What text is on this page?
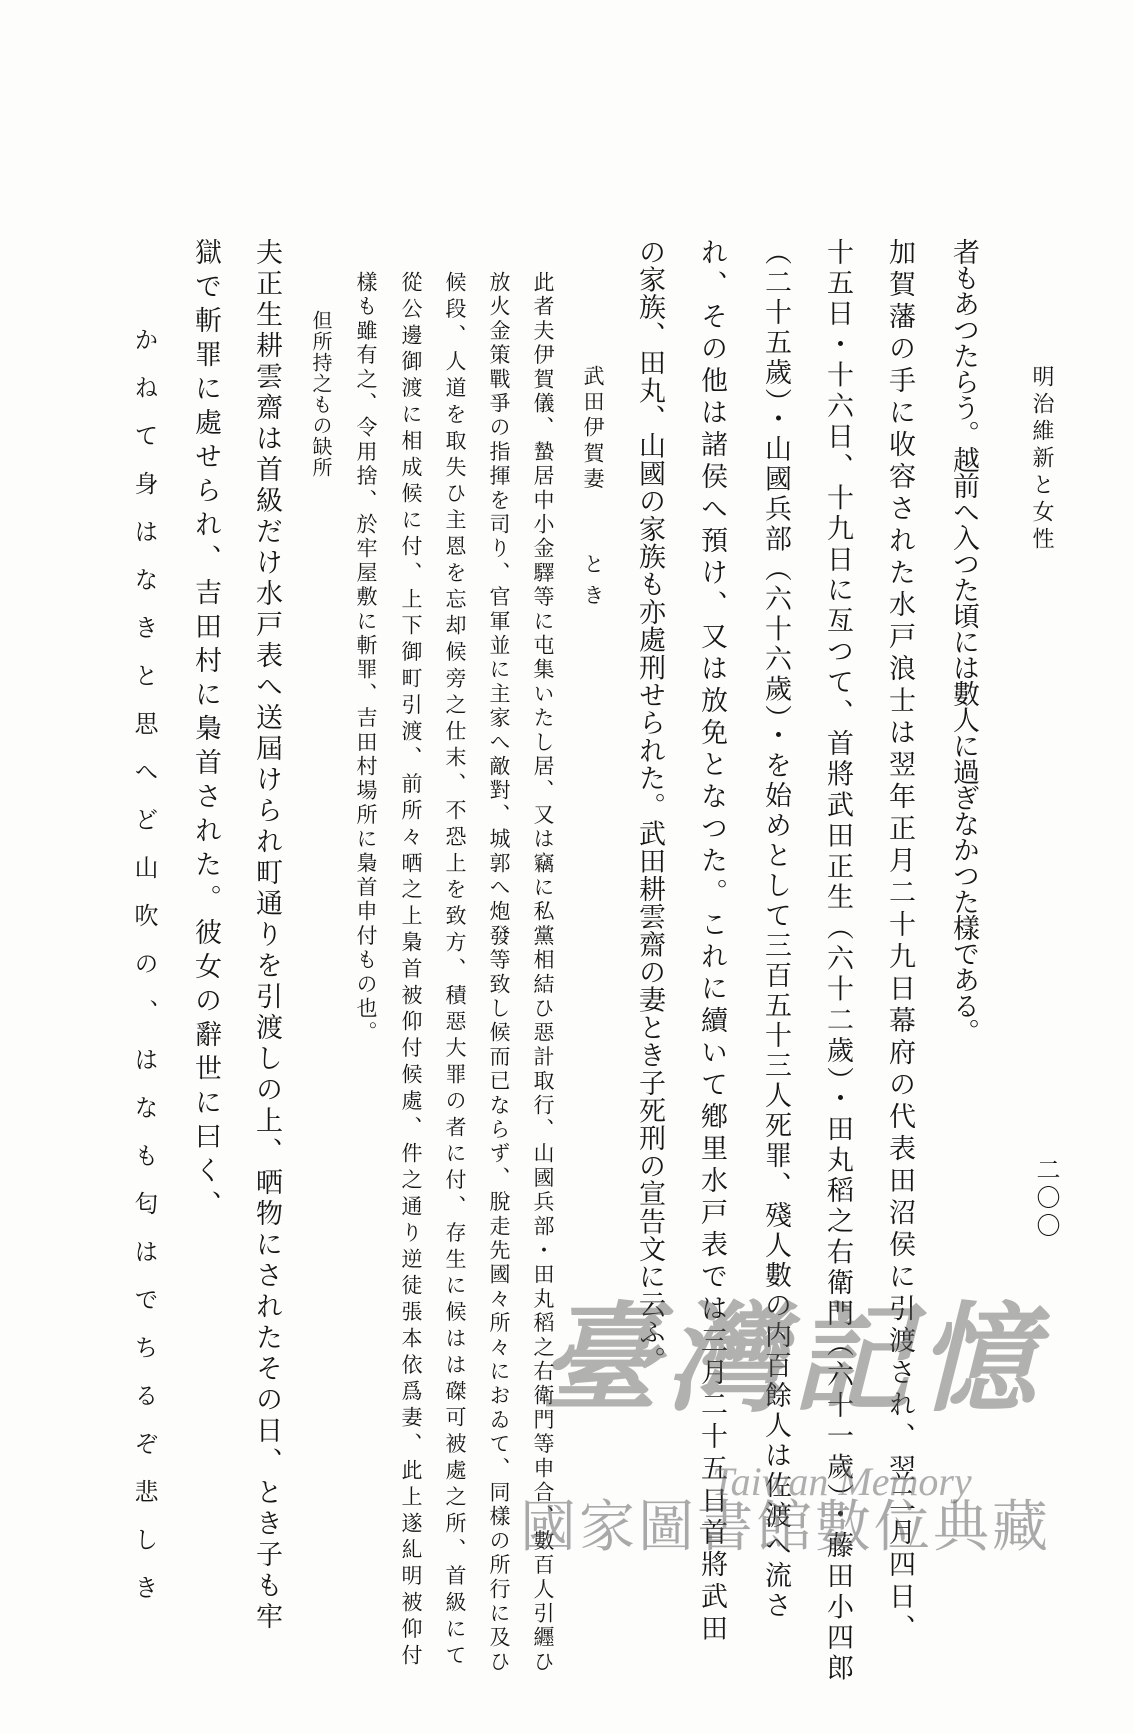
明治維新と女性
二〇〇
者もあつたらう。越前へ入つた頃には數人に過ぎなかつた樣である。
加賀藩の手に收容された水戸浪士は翌年正月二十九日幕府の代表田沼侯に引渡され、翌二月四日、
十五日・十六日、十九日に亙つて、首將武田正生（六十二歲）・田丸稻之右衛門（六十一歲）・藤田小四郎
（二十五歲）・山國兵部（六十六歲）・を始めとして三百五十三人死罪、殘人數の内百餘人は佐渡へ流さ
れ、その他は諸侯へ預け、又は放免となつた。これに續いて鄕里水戸表では三月二十五日首將武田
の家族、田丸、山國の家族も亦處刑せられた。武田耕雲齋の妻とき子死刑の宣告文に云ふ。
武田伊賀妻
とき
此者夫伊賀儀、蟄居中小金驛等に屯集いたし居、又は竊に私黨相結ひ惡計取行、山國兵部・田丸稻之右衛門等申合、數百人引纒ひ
放火金策戰爭の指揮を司り、官軍並に主家へ敵對、城郭へ炮發等致し候而已ならず、脫走先國々所々におゐて、同樣の所行に及ひ
候段、人道を取失ひ主恩を忘却候旁之仕末、不恐上を致方、積惡大罪の者に付、存生に候はは磔可被處之所、首級にて
從公邊御渡に相成候に付、上下御町引渡、前所々晒之上梟首被仰付候處、件之通り逆徒張本依爲妻、此上遂糺明被仰付
樣も雖有之、令用捨、於牢屋敷に斬罪、吉田村場所に梟首申付もの也。
但所持之もの缺所
夫正生耕雲齋は首級だけ水戸表へ送屆けられ町通りを引渡しの上、晒物にされたその日、とき子も牢
獄で斬罪に處せられ、吉田村に梟首された。彼女の辭世に曰く、
かねて身はなきと思へど山吹の、はなも匂はでちるぞ悲しき	臺灣記憶
Taiwan Memory
國家圖書館數位典藏
